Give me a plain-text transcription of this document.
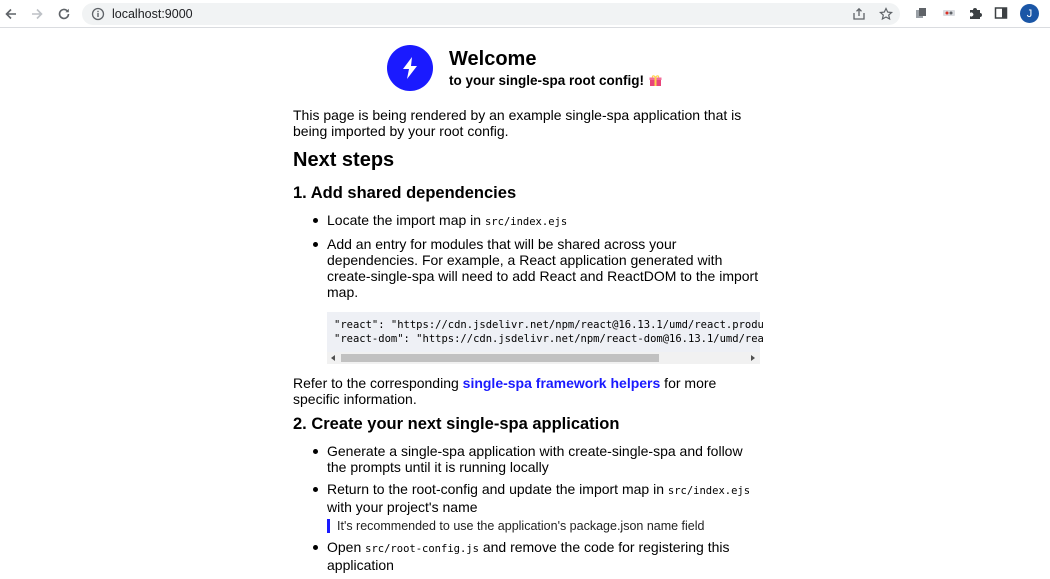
localhost:9000	J
Welcome
to your single-spa root config!

This page is being rendered by an example single-spa application that is being imported by your root config.

Next steps
1. Add shared dependencies
Locate the import map in src/index.ejs
Add an entry for modules that will be shared across your dependencies. For example, a React application generated with create-single-spa will need to add React and ReactDOM to the import map.
"react": "https://cdn.jsdelivr.net/npm/react@16.13.1/umd/react.produ
"react-dom": "https://cdn.jsdelivr.net/npm/react-dom@16.13.1/umd/rea

Refer to the corresponding single-spa framework helpers for more specific information.

2. Create your next single-spa application
Generate a single-spa application with create-single-spa and follow the prompts until it is running locally
Return to the root-config and update the import map in src/index.ejs with your project's name
It's recommended to use the application's package.json name field
Open src/root-config.js and remove the code for registering this application
